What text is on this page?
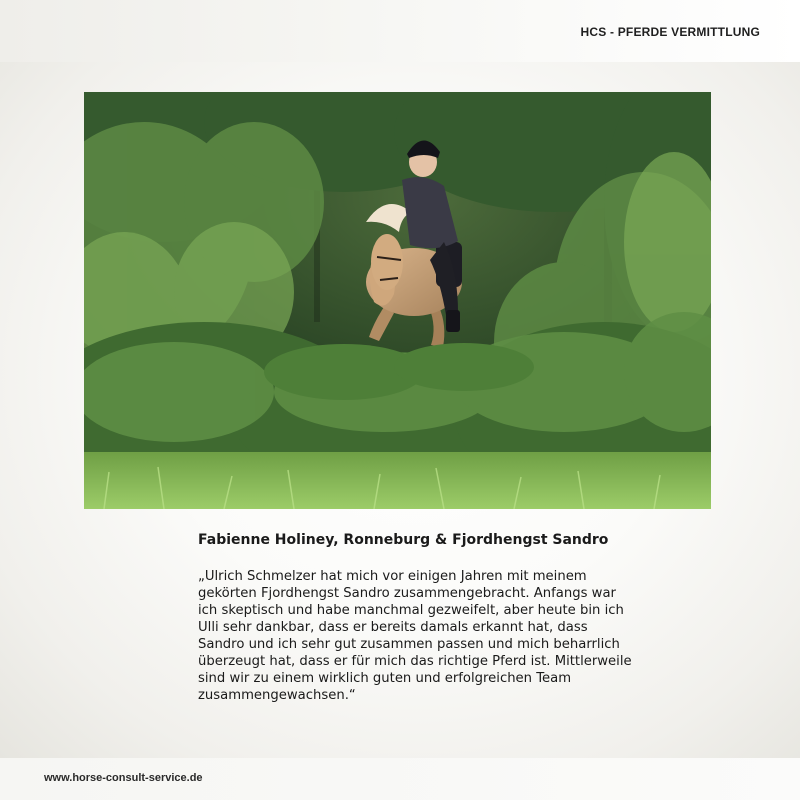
HCS - PFERDE VERMITTLUNG
Fabienne Holiney, Ronneburg & Fjordhengst Sandro

„Ulrich Schmelzer hat mich vor einigen Jahren mit meinem gekörten Fjordhengst Sandro zusammengebracht. Anfangs war ich skeptisch und habe manchmal gezweifelt, aber heute bin ich Ulli sehr dankbar, dass er bereits damals erkannt hat, dass Sandro und ich sehr gut zusammen passen und mich beharrlich überzeugt hat, dass er für mich das richtige Pferd ist. Mittlerweile sind wir zu einem wirklich guten und erfolgreichen Team zusammengewachsen.“

www.horse-consult-service.de
